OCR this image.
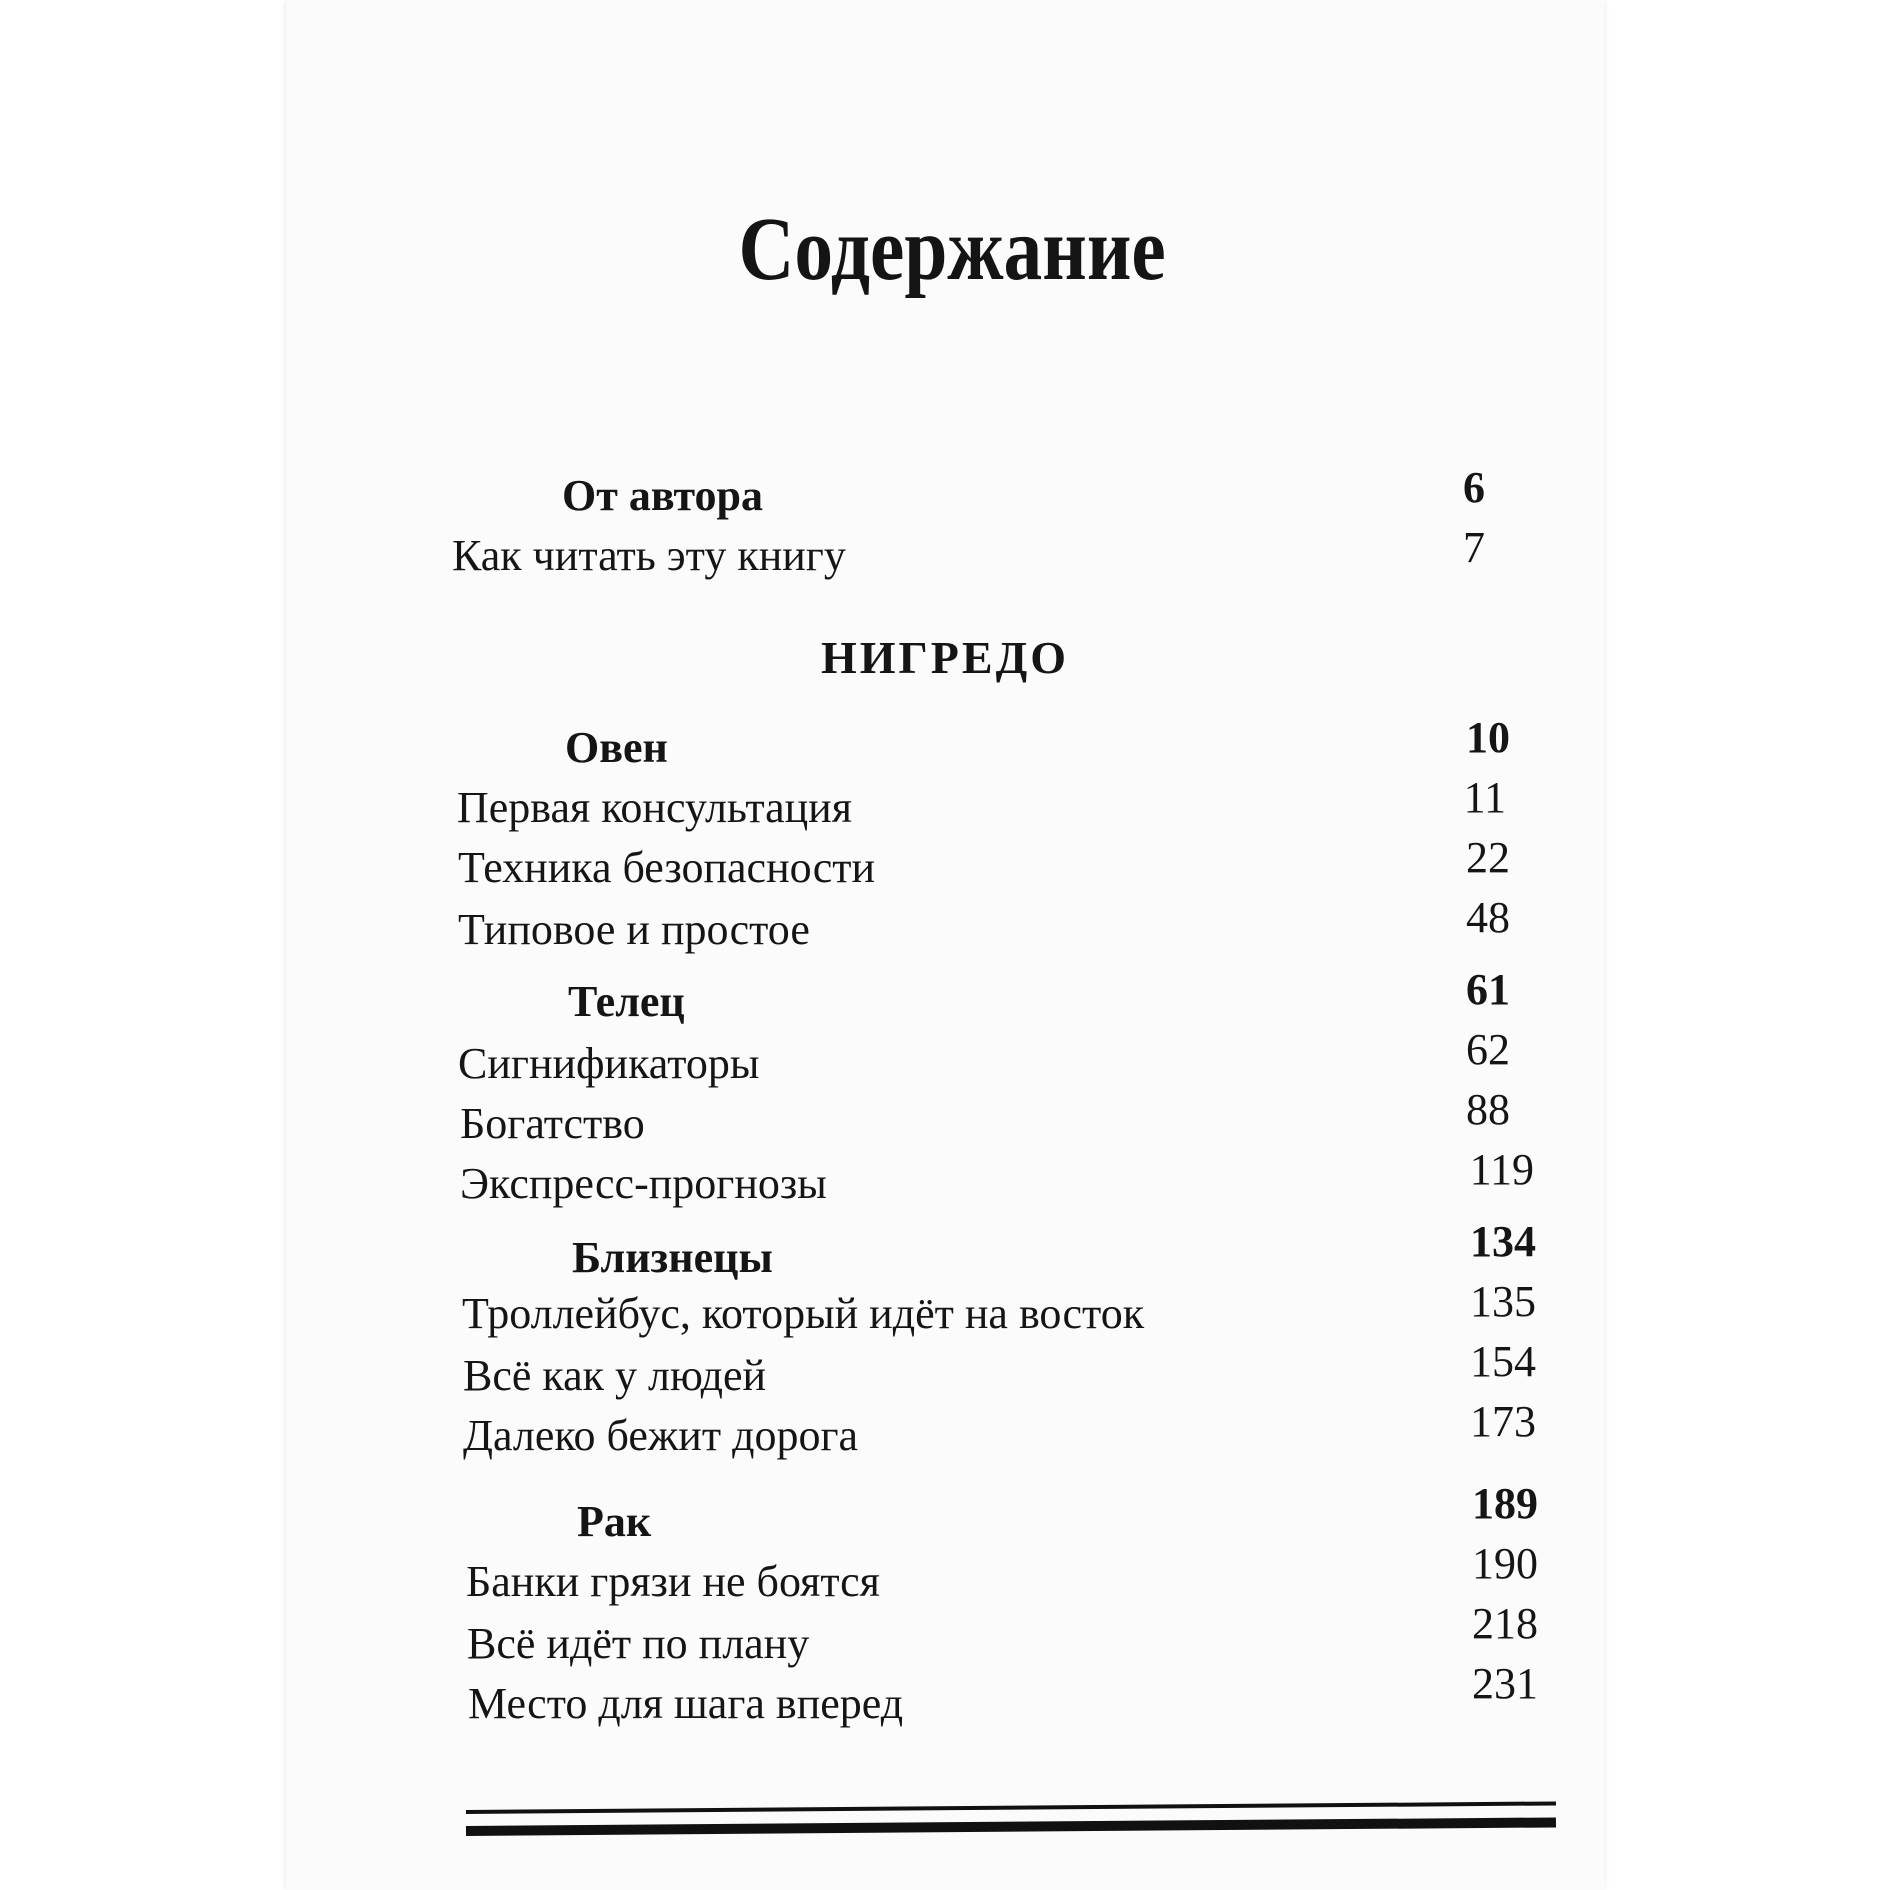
Содержание
От автора	6
Как читать эту книгу	7
НИГРЕДО
Овен	10
Первая консультация	11
Техника безопасности	22
Типовое и простое	48
Телец	61
Сигнификаторы	62
Богатство	88
Экспресс-прогнозы	119
Близнецы	134
Троллейбус, который идёт на восток	135
Всё как у людей	154
Далеко бежит дорога	173
Рак	189
Банки грязи не боятся	190
Всё идёт по плану	218
Место для шага вперед	231
